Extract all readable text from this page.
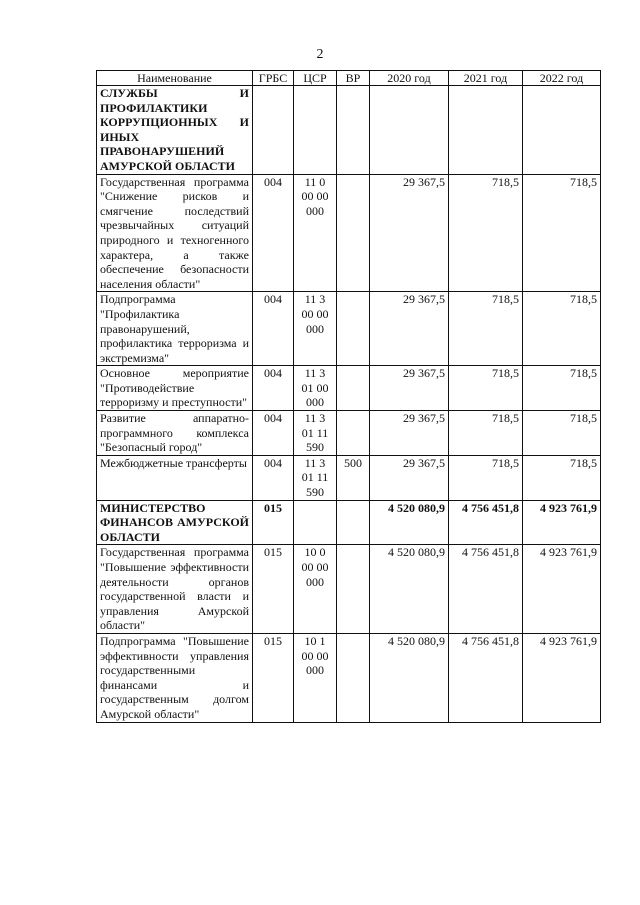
2
Наименование	ГРБС	ЦСР	ВР	2020 год	2021 год	2022 год
СЛУЖБЫ И ПРОФИЛАКТИКИ КОРРУПЦИОННЫХ И ИНЫХ ПРАВОНАРУШЕНИЙ АМУРСКОЙ ОБЛАСТИ						
Государственная программа "Снижение рисков и смягчение последствий чрезвычайных ситуаций природного и техногенного характера, а также обеспечение безопасности населения области"	004	11 0 00 00000		29 367,5	718,5	718,5
Подпрограмма "Профилактика правонарушений, профилактика терроризма и экстремизма"	004	11 3 00 00000		29 367,5	718,5	718,5
Основное мероприятие "Противодействие терроризму и преступности"	004	11 3 01 00000		29 367,5	718,5	718,5
Развитие аппаратно-программного комплекса "Безопасный город"	004	11 3 01 11590		29 367,5	718,5	718,5
Межбюджетные трансферты	004	11 3 01 11590	500	29 367,5	718,5	718,5
МИНИСТЕРСТВО ФИНАНСОВ АМУРСКОЙ ОБЛАСТИ	015			4 520 080,9	4 756 451,8	4 923 761,9
Государственная программа "Повышение эффективности деятельности органов государственной власти и управления Амурской области"	015	10 0 00 00000		4 520 080,9	4 756 451,8	4 923 761,9
Подпрограмма "Повышение эффективности управления государственными финансами и государственным долгом Амурской области"	015	10 1 00 00000		4 520 080,9	4 756 451,8	4 923 761,9
